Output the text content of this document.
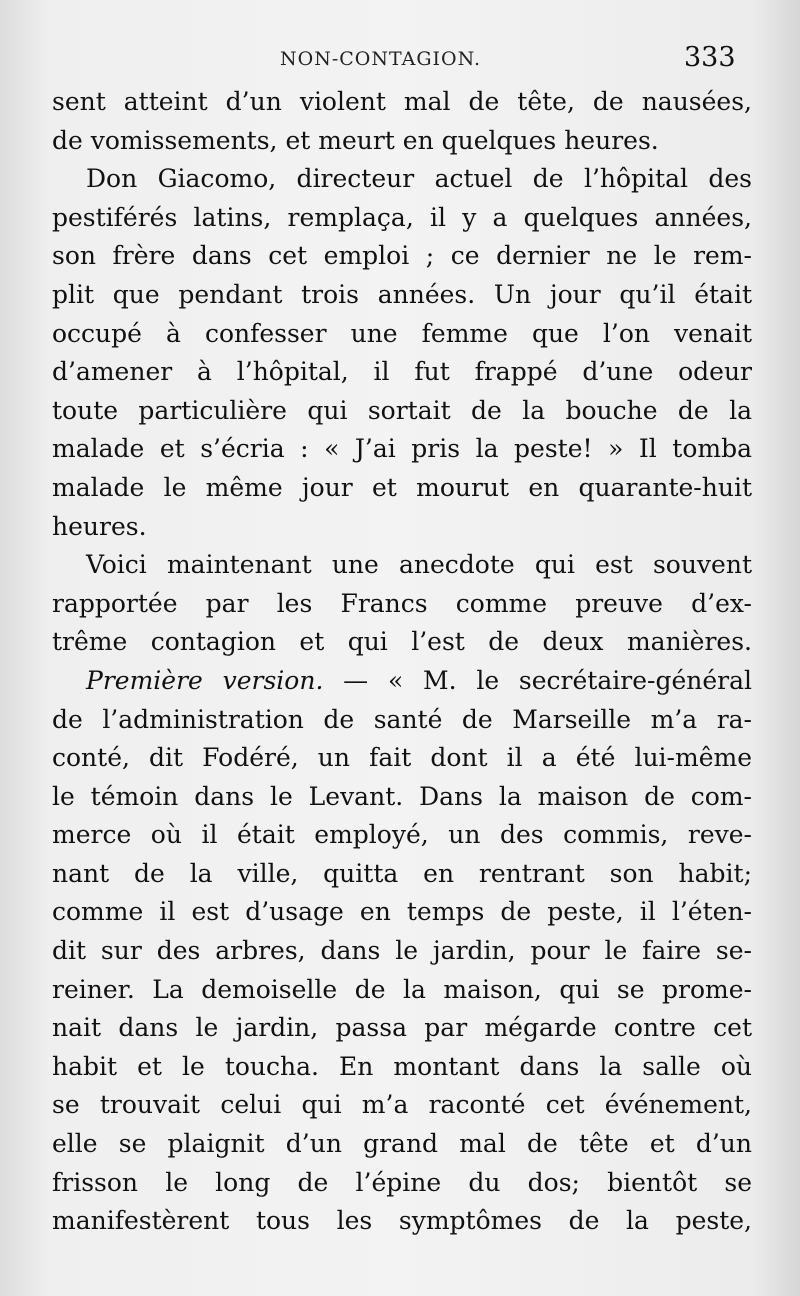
NON-CONTAGION.	333
sent atteint d’un violent mal de tête, de nausées,
de vomissements, et meurt en quelques heures.
Don Giacomo, directeur actuel de l’hôpital des
pestiférés latins, remplaça, il y a quelques années,
son frère dans cet emploi ; ce dernier ne le rem-
plit que pendant trois années. Un jour qu’il était
occupé à confesser une femme que l’on venait
d’amener à l’hôpital, il fut frappé d’une odeur
toute particulière qui sortait de la bouche de la
malade et s’écria : « J’ai pris la peste! » Il tomba
malade le même jour et mourut en quarante-huit
heures.
Voici maintenant une anecdote qui est souvent
rapportée par les Francs comme preuve d’ex-
trême contagion et qui l’est de deux manières.
Première version. — « M. le secrétaire-général
de l’administration de santé de Marseille m’a ra-
conté, dit Fodéré, un fait dont il a été lui-même
le témoin dans le Levant. Dans la maison de com-
merce où il était employé, un des commis, reve-
nant de la ville, quitta en rentrant son habit;
comme il est d’usage en temps de peste, il l’éten-
dit sur des arbres, dans le jardin, pour le faire se-
reiner. La demoiselle de la maison, qui se prome-
nait dans le jardin, passa par mégarde contre cet
habit et le toucha. En montant dans la salle où
se trouvait celui qui m’a raconté cet événement,
elle se plaignit d’un grand mal de tête et d’un
frisson le long de l’épine du dos; bientôt se
manifestèrent tous les symptômes de la peste,
